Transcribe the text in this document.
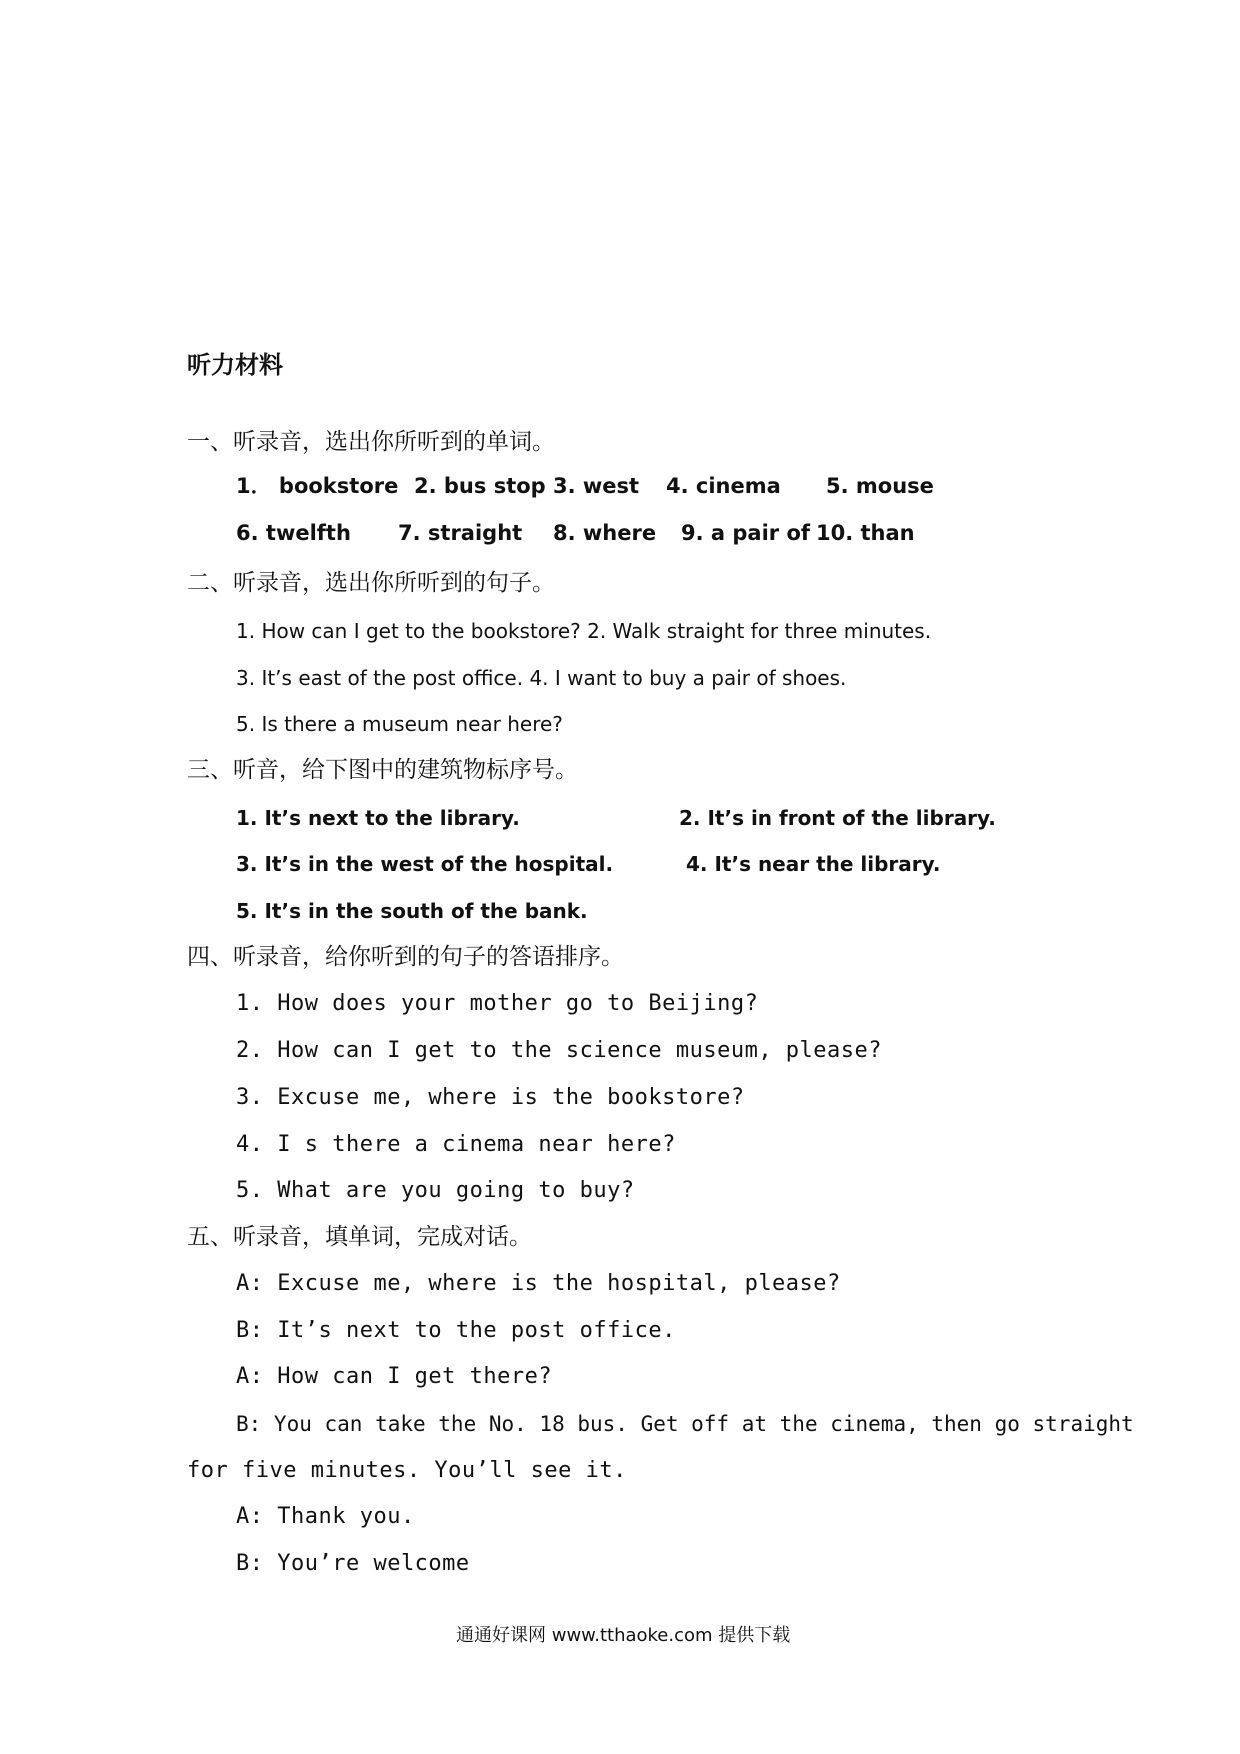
听力材料
一、听录音，选出你所听到的单词。
1． bookstore 2. bus stop 3. west 4. cinema 5. mouse
6. twelfth 7. straight 8. where 9. a pair of 10. than
二、听录音，选出你所听到的句子。
1. How can I get to the bookstore? 2. Walk straight for three minutes.
3. It’s east of the post office. 4. I want to buy a pair of shoes.
5. Is there a museum near here?
三、听音，给下图中的建筑物标序号。
1. It’s next to the library.	2. It’s in front of the library.
3. It’s in the west of the hospital.	4. It’s near the library.
5. It’s in the south of the bank.
四、听录音，给你听到的句子的答语排序。
1. How does your mother go to Beijing?
2. How can I get to the science museum, please?
3. Excuse me, where is the bookstore?
4. I s there a cinema near here?
5. What are you going to buy?
五、听录音，填单词，完成对话。
A: Excuse me, where is the hospital, please?
B: It’s next to the post office.
A: How can I get there?
B: You can take the No. 18 bus. Get off at the cinema, then go straight
for five minutes. You’ll see it.
A: Thank you.
B: You’re welcome
通通好课网 www.tthaoke.com 提供下载
